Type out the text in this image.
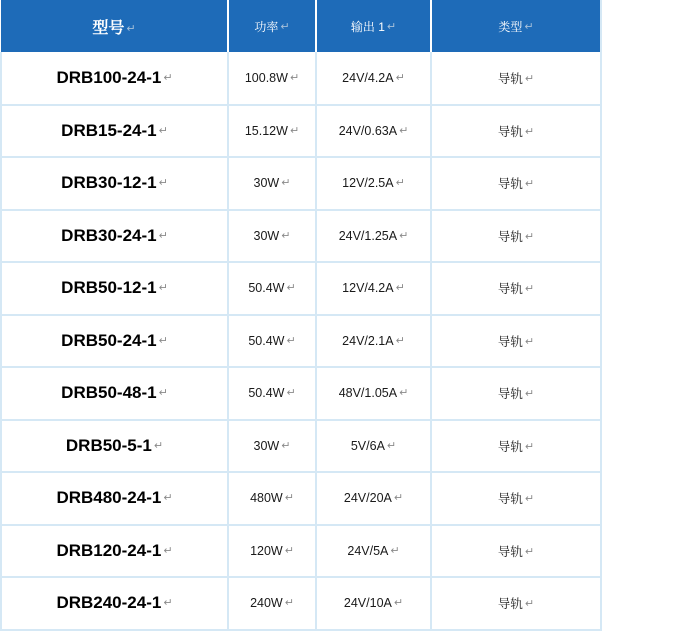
型号 ↵	功率 ↵	输出 1 ↵	类型 ↵
DRB100-24-1 ↵	100.8W ↵	24V/4.2A ↵	导轨 ↵
DRB15-24-1 ↵	15.12W ↵	24V/0.63A ↵	导轨 ↵
DRB30-12-1 ↵	30W ↵	12V/2.5A ↵	导轨 ↵
DRB30-24-1 ↵	30W ↵	24V/1.25A ↵	导轨 ↵
DRB50-12-1 ↵	50.4W ↵	12V/4.2A ↵	导轨 ↵
DRB50-24-1 ↵	50.4W ↵	24V/2.1A ↵	导轨 ↵
DRB50-48-1 ↵	50.4W ↵	48V/1.05A ↵	导轨 ↵
DRB50-5-1 ↵	30W ↵	5V/6A ↵	导轨 ↵
DRB480-24-1 ↵	480W ↵	24V/20A ↵	导轨 ↵
DRB120-24-1 ↵	120W ↵	24V/5A ↵	导轨 ↵
DRB240-24-1 ↵	240W ↵	24V/10A ↵	导轨 ↵
